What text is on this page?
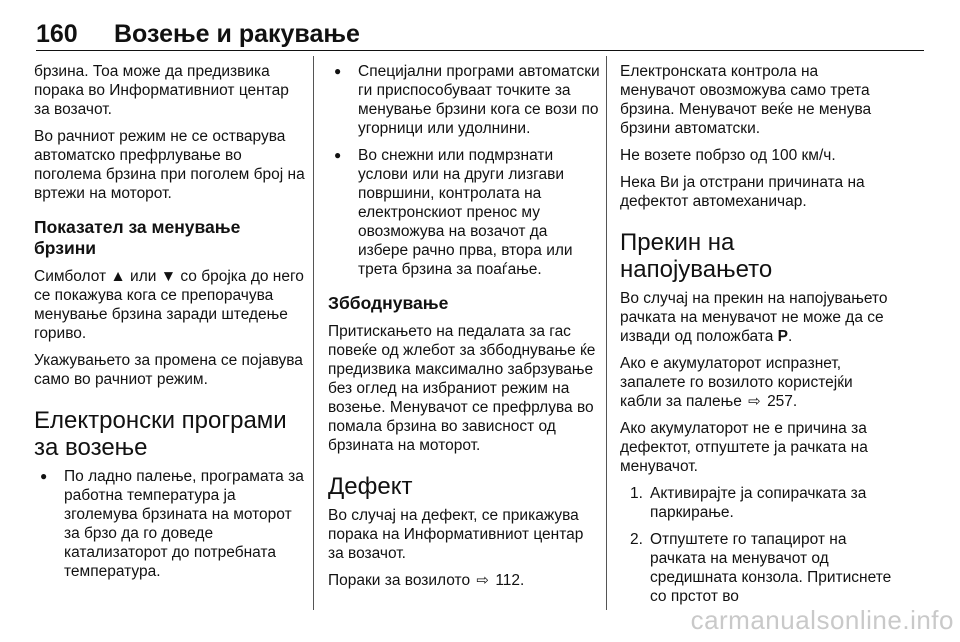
160 Возење и ракување

брзина. Тоа може да предизвика порака во Информативниот центар за возачот.

Во рачниот режим не се остварува автоматско префрлување во поголема брзина при поголем број на вртежи на моторот.

Показател за менување брзини

Симболот ▲ или ▼ со бројка до него се покажува кога се препорачува менување брзина заради штедење гориво.

Укажувањето за промена се појавува само во рачниот режим.

Електронски програми за возење
● По ладно палење, програмата за работна температура ја зголемува брзината на моторот за брзо да го доведе катализаторот до потребната температура.
● Специјални програми автоматски ги приспособуваат точките за менување брзини кога се вози по угорници или удолнини.
● Во снежни или подмрзнати услови или на други лизгави површини, контролата на електронскиот пренос му овозможува на возачот да избере рачно прва, втора или трета брзина за поаѓање.
Зббоднување

Притискањето на педалата за гас повеќе од жлебот за зббоднување ќе предизвика максимално забрзување без оглед на избраниот режим на возење. Менувачот се префрлува во помала брзина во зависност од брзината на моторот.

Дефект

Во случај на дефект, се прикажува порака на Информативниот центар за возачот.

Пораки за возилото ⇨ 112.

Електронската контрола на менувачот овозможува само трета брзина. Менувачот веќе не менува брзини автоматски.

Не возете побрзо од 100 км/ч.

Нека Ви ја отстрани причината на дефектот автомеханичар.

Прекин на напојувањето

Во случај на прекин на напојувањето рачката на менувачот не може да се извади од положбата P.

Ако е акумулаторот испразнет, запалете го возилото користејќи кабли за палење ⇨ 257.

Ако акумулаторот не е причина за дефектот, отпуштете ја рачката на менувачот.

1. Активирајте ја сопирачката за паркирање.
2. Отпуштете го тапацирот на рачката на менувачот од средишната конзола. Притиснете со прстот во
carmanualsonline.info
